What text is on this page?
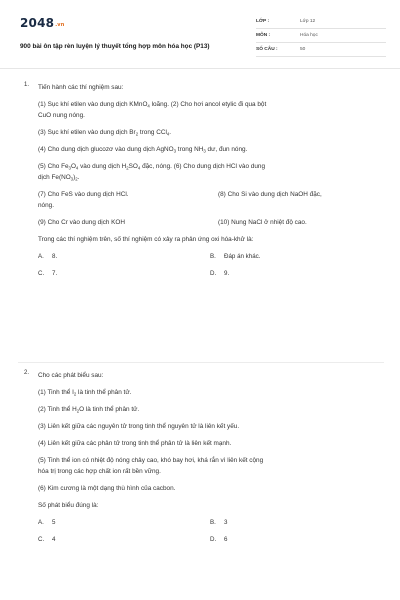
$2048^{.vn}$
900 bài ôn tập rèn luyện lý thuyết tổng hợp môn hóa học (P13)
LỚP :	Lớp 12
MÔN :	Hóa học
SỐ CÂU :	50
1. Tiến hành các thí nghiệm sau:
(1) Sục khí etilen vào dung dịch KMnO$_4$ loãng. (2) Cho hơi ancol etylic đi qua bột
CuO nung nóng.
(3) Sục khí etilen vào dung dịch $Br_2$ trong CCl$_4$.
(4) Cho dung dịch glucozơ vào dung dịch AgNO$_3$ trong $NH_3$ dư, đun nóng.
(5) Cho $Fe_3O_4$ vào dung dịch $H_2SO_4$ đặc, nóng. (6) Cho dung dịch HCl vào dung
dịch $Fe(NO_3)_2$.
(7) Cho FeS vào dung dịch HCl.	(8) Cho Si vào dung dịch NaOH đặc,
nóng.
(9) Cho Cr vào dung dịch KOH	(10) Nung NaCl ở nhiệt độ cao.
Trong các thí nghiệm trên, số thí nghiệm có xảy ra phản ứng oxi hóa-khử là:
A. 8.	B. Đáp án khác.
C. 7.	D. 9.
2. Cho các phát biểu sau:
(1) Tinh thể $I_2$ là tinh thể phân tử.
(2) Tinh thể $H_2O$ là tinh thể phân tử.
(3) Liên kết giữa các nguyên tử trong tinh thể nguyên tử là liên kết yếu.
(4) Liên kết giữa các phân tử trong tinh thể phân tử là liên kết mạnh.
(5) Tinh thể ion có nhiệt độ nóng chảy cao, khó bay hơi, khá rắn vì liên kết cộng
hóa trị trong các hợp chất ion rất bền vững.
(6) Kim cương là một dạng thù hình của cacbon.
Số phát biểu đúng là:
A. 5	B. 3
C. 4	D. 6
